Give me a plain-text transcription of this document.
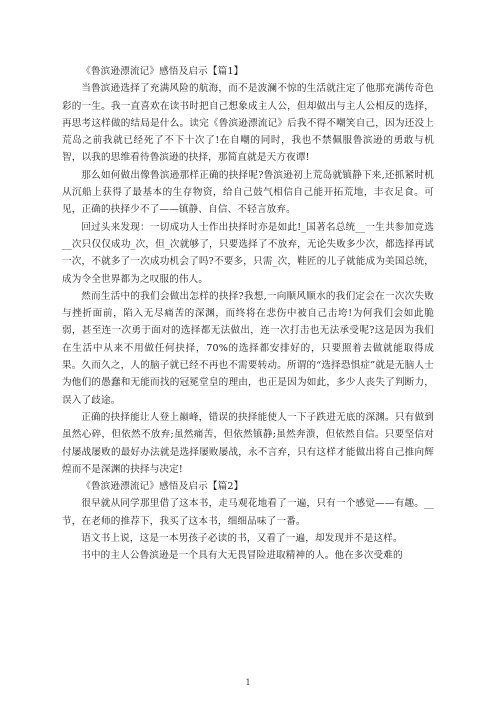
《鲁滨逊漂流记》感悟及启示【篇1】

当鲁滨逊选择了充满风险的航海，而不是波澜不惊的生活就注定了他那充满传奇色彩的一生。我一直喜欢在读书时把自己想象成主人公，但却做出与主人公相反的选择，再思考这样做的结局是什么。读完《鲁滨逊漂流记》后我不得不嘲笑自己，因为还没上荒岛之前我就已经死了不下十次了!在自嘲的同时，我也不禁佩服鲁滨逊的勇敢与机智，以我的思维看待鲁滨逊的抉择，那简直就是天方夜谭!

那么如何做出像鲁滨逊那样正确的抉择呢?鲁滨逊初上荒岛就镇静下来,还抓紧时机从沉船上获得了最基本的生存物资，给自己鼓气相信自己能开拓荒地，丰衣足食。可见，正确的抉择少不了——镇静、自信、不轻言放弃。

回过头来发现：一切成功人士作出抉择时亦是如此!_国著名总统__一生共参加竞选__次只仅仅成功_次，但_次就够了，只要选择了不放弃，无论失败多少次，都选择再试一次，不就多了一次成功机会了吗?不要多，只需_次，鞋匠的儿子就能成为美国总统，成为令全世界都为之叹服的伟人。

然而生活中的我们会做出怎样的抉择?我想,一向顺风顺水的我们定会在一次次失败与挫折面前，陷入无尽痛苦的深渊，而终将在悲伤中被自己击垮!为何我们会如此脆弱，甚至连一次勇于面对的选择都无法做出，连一次打击也无法承受呢?这是因为我们在生活中从来不用做任何抉择，70%的选择都安排好的，只要照着去做就能取得成果。久而久之，人的脑子就已经不再也不需要转动。所谓的“选择恐惧症”就是无脑人士为他们的愚蠢和无能而找的冠冕堂皇的理由，也正是因为如此，多少人丧失了判断力，误入了歧途。

正确的抉择能让人登上巅峰，错误的抉择能使人一下子跌进无底的深渊。只有做到虽然心碎，但依然不放弃;虽然痛苦，但依然镇静;虽然奔溃，但依然自信。只要坚信对付屡战屡败的最好办法就是选择屡败屡战，永不言弃，只有这样才能做出将自己推向辉煌而不是深渊的抉择与决定!

《鲁滨逊漂流记》感悟及启示【篇2】

很早就从同学那里借了这本书，走马观花地看了一遍，只有一个感觉——有趣。__节，在老师的推荐下，我买了这本书，细细品味了一番。

语文书上说，这是一本男孩子必读的书，又看了一遍，却发现并不是这样。

书中的主人公鲁滨逊是一个具有大无畏冒险进取精神的人。他在多次受难的

1
